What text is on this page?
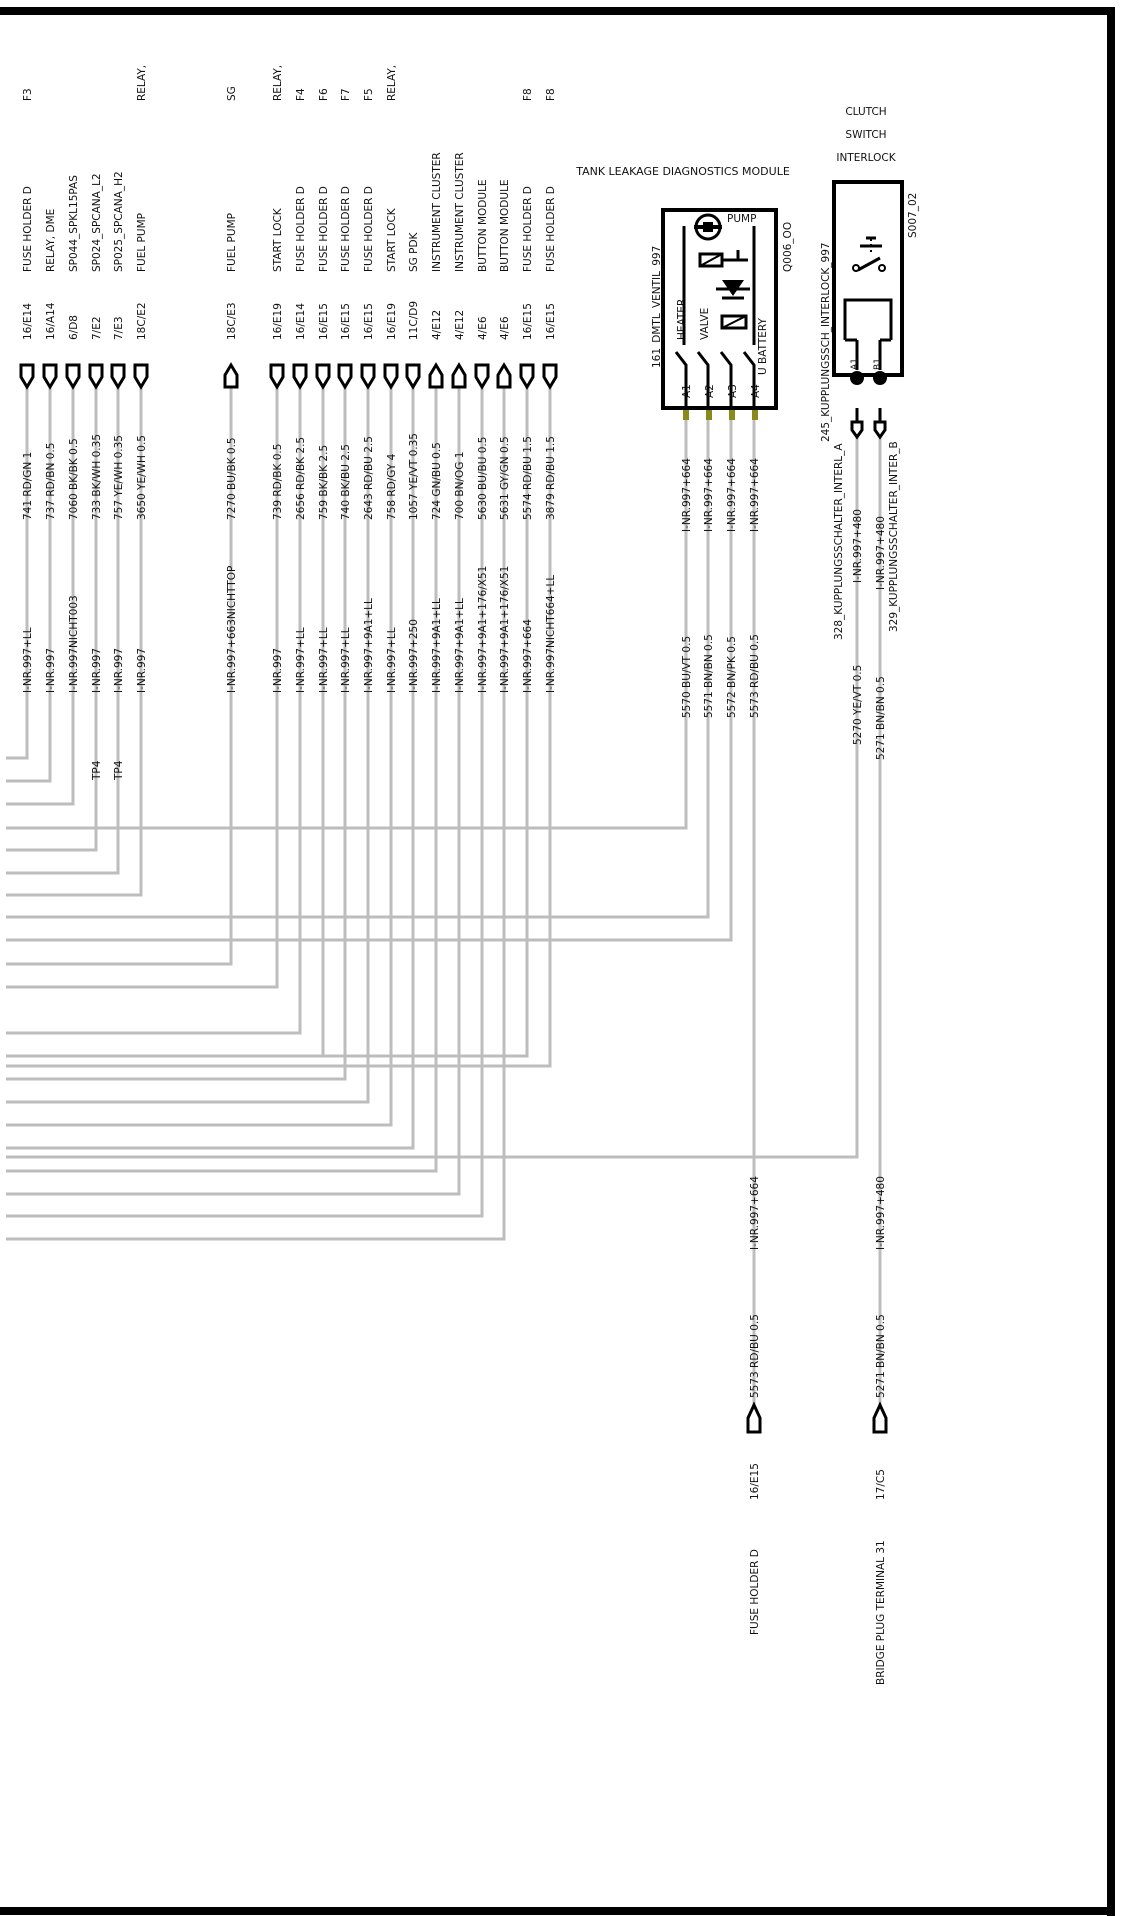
TANK LEAKAGE DIAGNOSTICS MODULE
161_DMTL_VENTIL_997	Q006_OO
HEATER VALVE
PUMP
U BATTERY
A1 A2 A3 A4
CLUTCH
SWITCH
INTERLOCK
S007_02
245_KUPPLUNGSSCH_INTERLOCK_997 A1 B1
328_KUPPLUNGSSCHALTER_INTERL_A	329_KUPPLUNGSSCHALTER_INTER_B
F3
FUSE HOLDER D
16/E14
741 RD/GN 1
I-NR.997+LL
RELAY, DME
16/A14
737 RD/BN 0.5
I-NR.997
SP044_SPKL15PAS
6/D8
7060 BK/BK 0.5
I-NR.997NICHT003
SP024_SPCANA_L2
7/E2
733 BK/WH 0.35
I-NR.997
TP4
SP025_SPCANA_H2
7/E3
757 YE/WH 0.35
I-NR.997
TP4
RELAY,
FUEL PUMP
18C/E2
3650 YE/WH 0.5
I-NR.997
SG
FUEL PUMP
18C/E3
7270 BU/BK 0.5
I-NR.997+663NICHTTOP
RELAY,
START LOCK
16/E19
739 RD/BK 0.5
I-NR.997
F4
FUSE HOLDER D
16/E14
2656 RD/BK 2.5
I-NR.997+LL
F6
FUSE HOLDER D
16/E15
759 BK/BK 2.5
I-NR.997+LL
F7
FUSE HOLDER D
16/E15
740 BK/BU 2.5
I-NR.997+LL
F5
FUSE HOLDER D
16/E15
2643 RD/BU 2.5
I-NR.997+9A1+LL
RELAY,
START LOCK
16/E19
758 RD/GY 4
I-NR.997+LL
SG PDK
11C/D9
1057 YE/VT 0.35
I-NR.997+250
INSTRUMENT CLUSTER
4/E12
724 GN/BU 0.5
I-NR.997+9A1+LL
INSTRUMENT CLUSTER
4/E12
700 BN/OG 1
I-NR.997+9A1+LL
BUTTON MODULE
4/E6
5630 BU/BU 0.5
I-NR.997+9A1+176/X51
BUTTON MODULE
4/E6
5631 GY/GN 0.5
I-NR.997+9A1+176/X51
F8
FUSE HOLDER D
16/E15
5574 RD/BU 1.5
I-NR.997+664
F8
FUSE HOLDER D
16/E15
3879 RD/BU 1.5
I-NR.997NICHT664+LL
I-NR.997+664
5570 BU/VT 0.5
I-NR.997+664
5571 BN/BN 0.5
I-NR.997+664
5572 BN/PK 0.5
I-NR.997+664
5573 RD/BU 0.5
I-NR.997+480 I-NR.997+480
5270 YE/VT 0.5 5271 BN/BN 0.5
I-NR.997+664
5573 RD/BU 0.5
16/E15
FUSE HOLDER D
I-NR.997+480
5271 BN/BN 0.5
17/C5
BRIDGE PLUG TERMINAL 31
